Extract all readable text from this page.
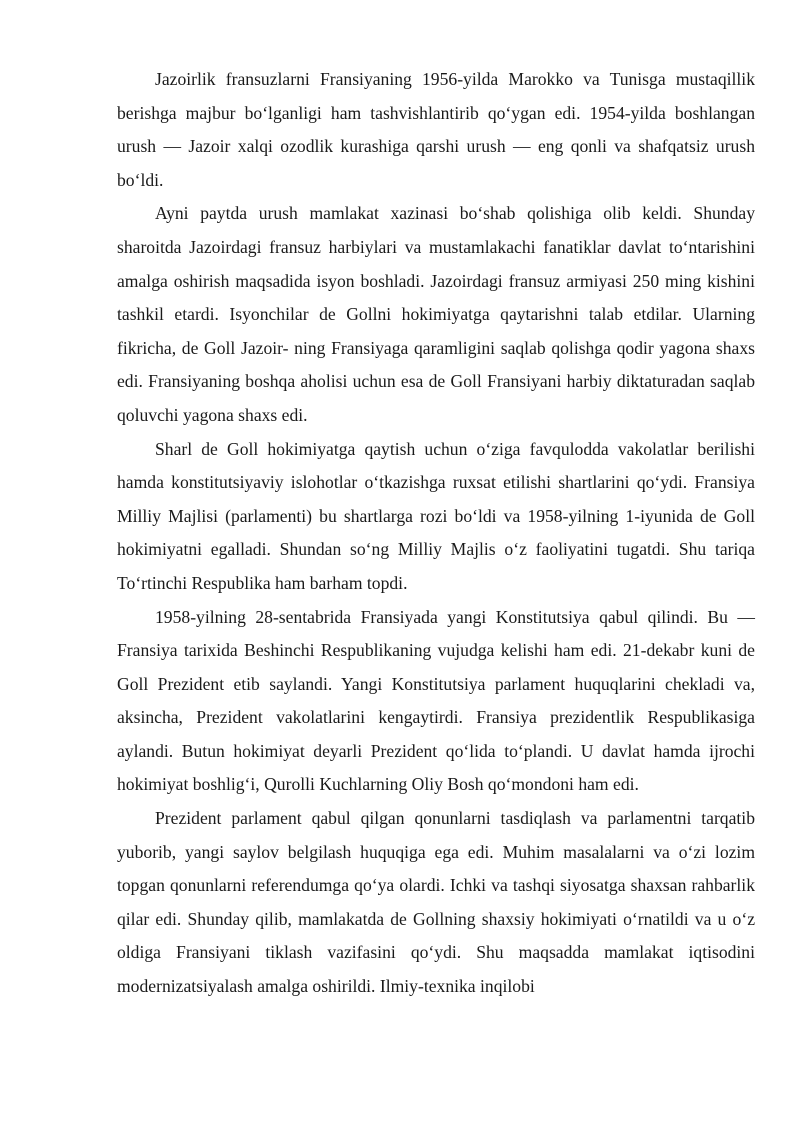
Jazoirlik fransuzlarni Fransiyaning 1956-yilda Marokko va Tunisga mustaqillik berishga majbur bo‘lganligi ham tashvishlantirib qo‘ygan edi. 1954-yilda boshlangan urush — Jazoir xalqi ozodlik kurashiga qarshi urush — eng qonli va shafqatsiz urush bo‘ldi.

Ayni paytda urush mamlakat xazinasi bo‘shab qolishiga olib keldi. Shunday sharoitda Jazoirdagi fransuz harbiylari va mustamlakachi fanatiklar davlat to‘ntarishini amalga oshirish maqsadida isyon boshladi. Jazoirdagi fransuz armiyasi 250 ming kishini tashkil etardi. Isyonchilar de Gollni hokimiyatga qaytarishni talab etdilar. Ularning fikricha, de Goll Jazoir- ning Fransiyaga qaramligini saqlab qolishga qodir yagona shaxs edi. Fransiyaning boshqa aholisi uchun esa de Goll Fransiyani harbiy diktaturadan saqlab qoluvchi yagona shaxs edi.

Sharl de Goll hokimiyatga qaytish uchun o‘ziga favqulodda vakolatlar berilishi hamda konstitutsiyaviy islohotlar o‘tkazishga ruxsat etilishi shartlarini qo‘ydi. Fransiya Milliy Majlisi (parlamenti) bu shartlarga rozi bo‘ldi va 1958-yilning 1-iyunida de Goll hokimiyatni egalladi. Shundan so‘ng Milliy Majlis o‘z faoliyatini tugatdi. Shu tariqa To‘rtinchi Respublika ham barham topdi.

1958-yilning 28-sentabrida Fransiyada yangi Konstitutsiya qabul qilindi. Bu — Fransiya tarixida Beshinchi Respublikaning vujudga kelishi ham edi. 21-dekabr kuni de Goll Prezident etib saylandi. Yangi Konstitutsiya parlament huquqlarini chekladi va, aksincha, Prezident vakolatlarini kengaytirdi. Fransiya prezidentlik Respublikasiga aylandi. Butun hokimiyat deyarli Prezident qo‘lida to‘plandi. U davlat hamda ijrochi hokimiyat boshlig‘i, Qurolli Kuchlarning Oliy Bosh qo‘mondoni ham edi.

Prezident parlament qabul qilgan qonunlarni tasdiqlash va parlamentni tarqatib yuborib, yangi saylov belgilash huquqiga ega edi. Muhim masalalarni va o‘zi lozim topgan qonunlarni referendumga qo‘ya olardi. Ichki va tashqi siyosatga shaxsan rahbarlik qilar edi. Shunday qilib, mamlakatda de Gollning shaxsiy hokimiyati o‘rnatildi va u o‘z oldiga Fransiyani tiklash vazifasini qo‘ydi. Shu maqsadda mamlakat iqtisodini modernizatsiyalash amalga oshirildi. Ilmiy-texnika inqilobi
